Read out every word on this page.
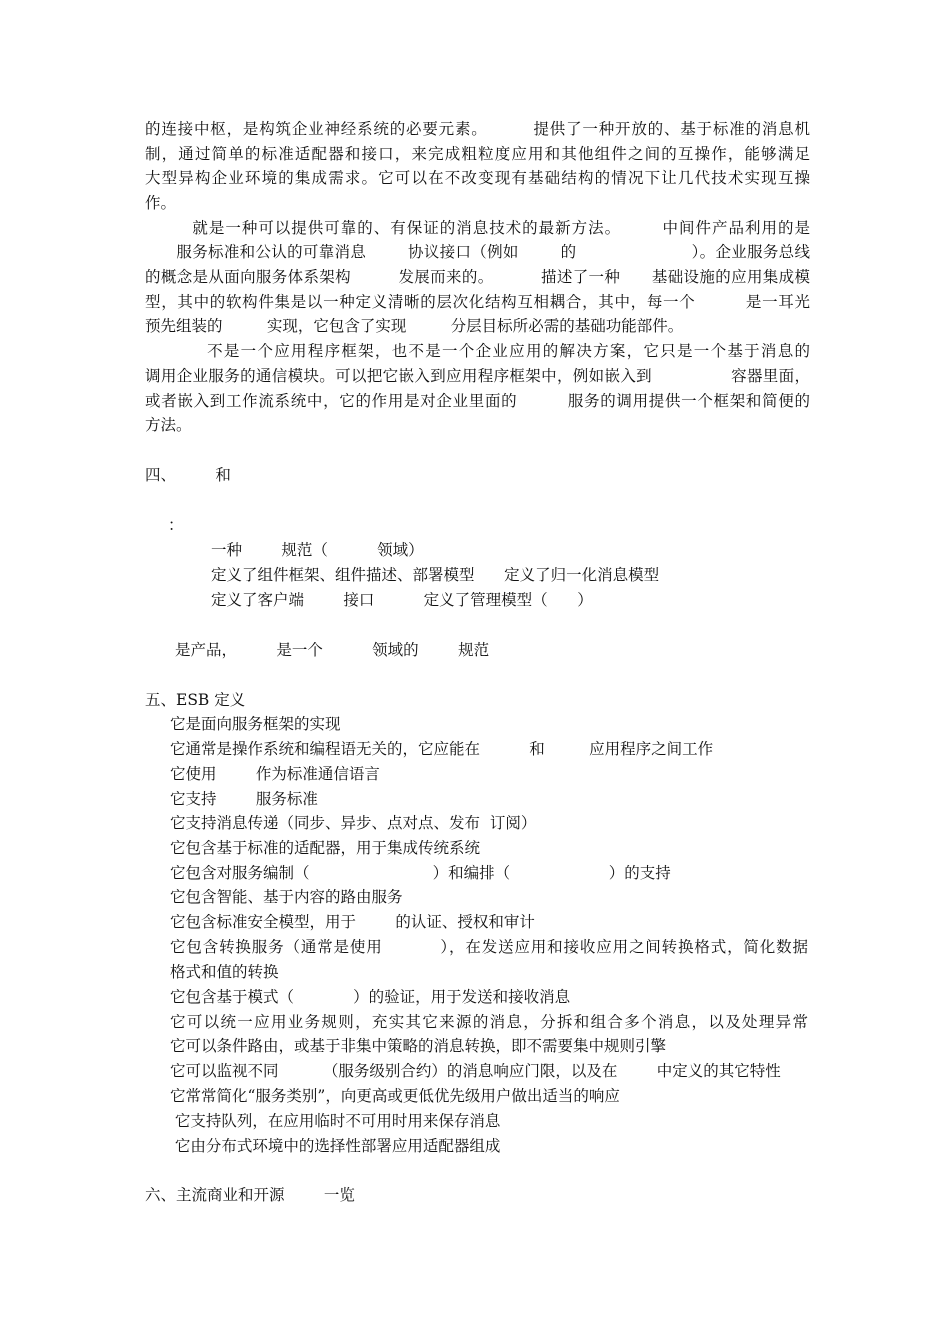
的连接中枢，是构筑企业神经系统的必要元素。        提供了一种开放的、基于标准的消息机
制，通过简单的标准适配器和接口，来完成粗粒度应用和其他组件之间的互操作，能够满足
大型异构企业环境的集成需求。它可以在不改变现有基础结构的情况下让几代技术实现互操
作。
就是一种可以提供可靠的、有保证的消息技术的最新方法。       中间件产品利用的是
服务标准和公认的可靠消息        协议接口（例如        的                      ）。企业服务总线
的概念是从面向服务体系架构         发展而来的。         描述了一种      基础设施的应用集成模
型，其中的软构件集是以一种定义清晰的层次化结构互相耦合，其中，每一个         是一耳光
预先组装的         实现，它包含了实现         分层目标所必需的基础功能部件。
不是一个应用程序框架，也不是一个企业应用的解决方案，它只是一个基于消息的
调用企业服务的通信模块。可以把它嵌入到应用程序框架中，例如嵌入到               容器里面，
或者嵌入到工作流系统中，它的作用是对企业里面的         服务的调用提供一个框架和简便的
方法。
四、        和
：
一种        规范（          领域）
定义了组件框架、组件描述、部署模型      定义了归一化消息模型
定义了客户端        接口          定义了管理模型（      ）
是产品，        是一个          领域的        规范
五、ESB 定义
它是面向服务框架的实现
它通常是操作系统和编程语无关的，它应能在          和         应用程序之间工作
它使用        作为标准通信语言
它支持        服务标准
它支持消息传递（同步、异步、点对点、发布  订阅）
它包含基于标准的适配器，用于集成传统系统
它包含对服务编制（                         ）和编排（                    ）的支持
它包含智能、基于内容的路由服务
它包含标准安全模型，用于        的认证、授权和审计
它包含转换服务（通常是使用          ），在发送应用和接收应用之间转换格式，简化数据
格式和值的转换
它包含基于模式（            ）的验证，用于发送和接收消息
它可以统一应用业务规则，充实其它来源的消息，分拆和组合多个消息，以及处理异常
它可以条件路由，或基于非集中策略的消息转换，即不需要集中规则引擎
它可以监视不同         （服务级别合约）的消息响应门限，以及在        中定义的其它特性
它常常简化“服务类别”，向更高或更低优先级用户做出适当的响应
它支持队列，在应用临时不可用时用来保存消息
它由分布式环境中的选择性部署应用适配器组成
六、主流商业和开源        一览
